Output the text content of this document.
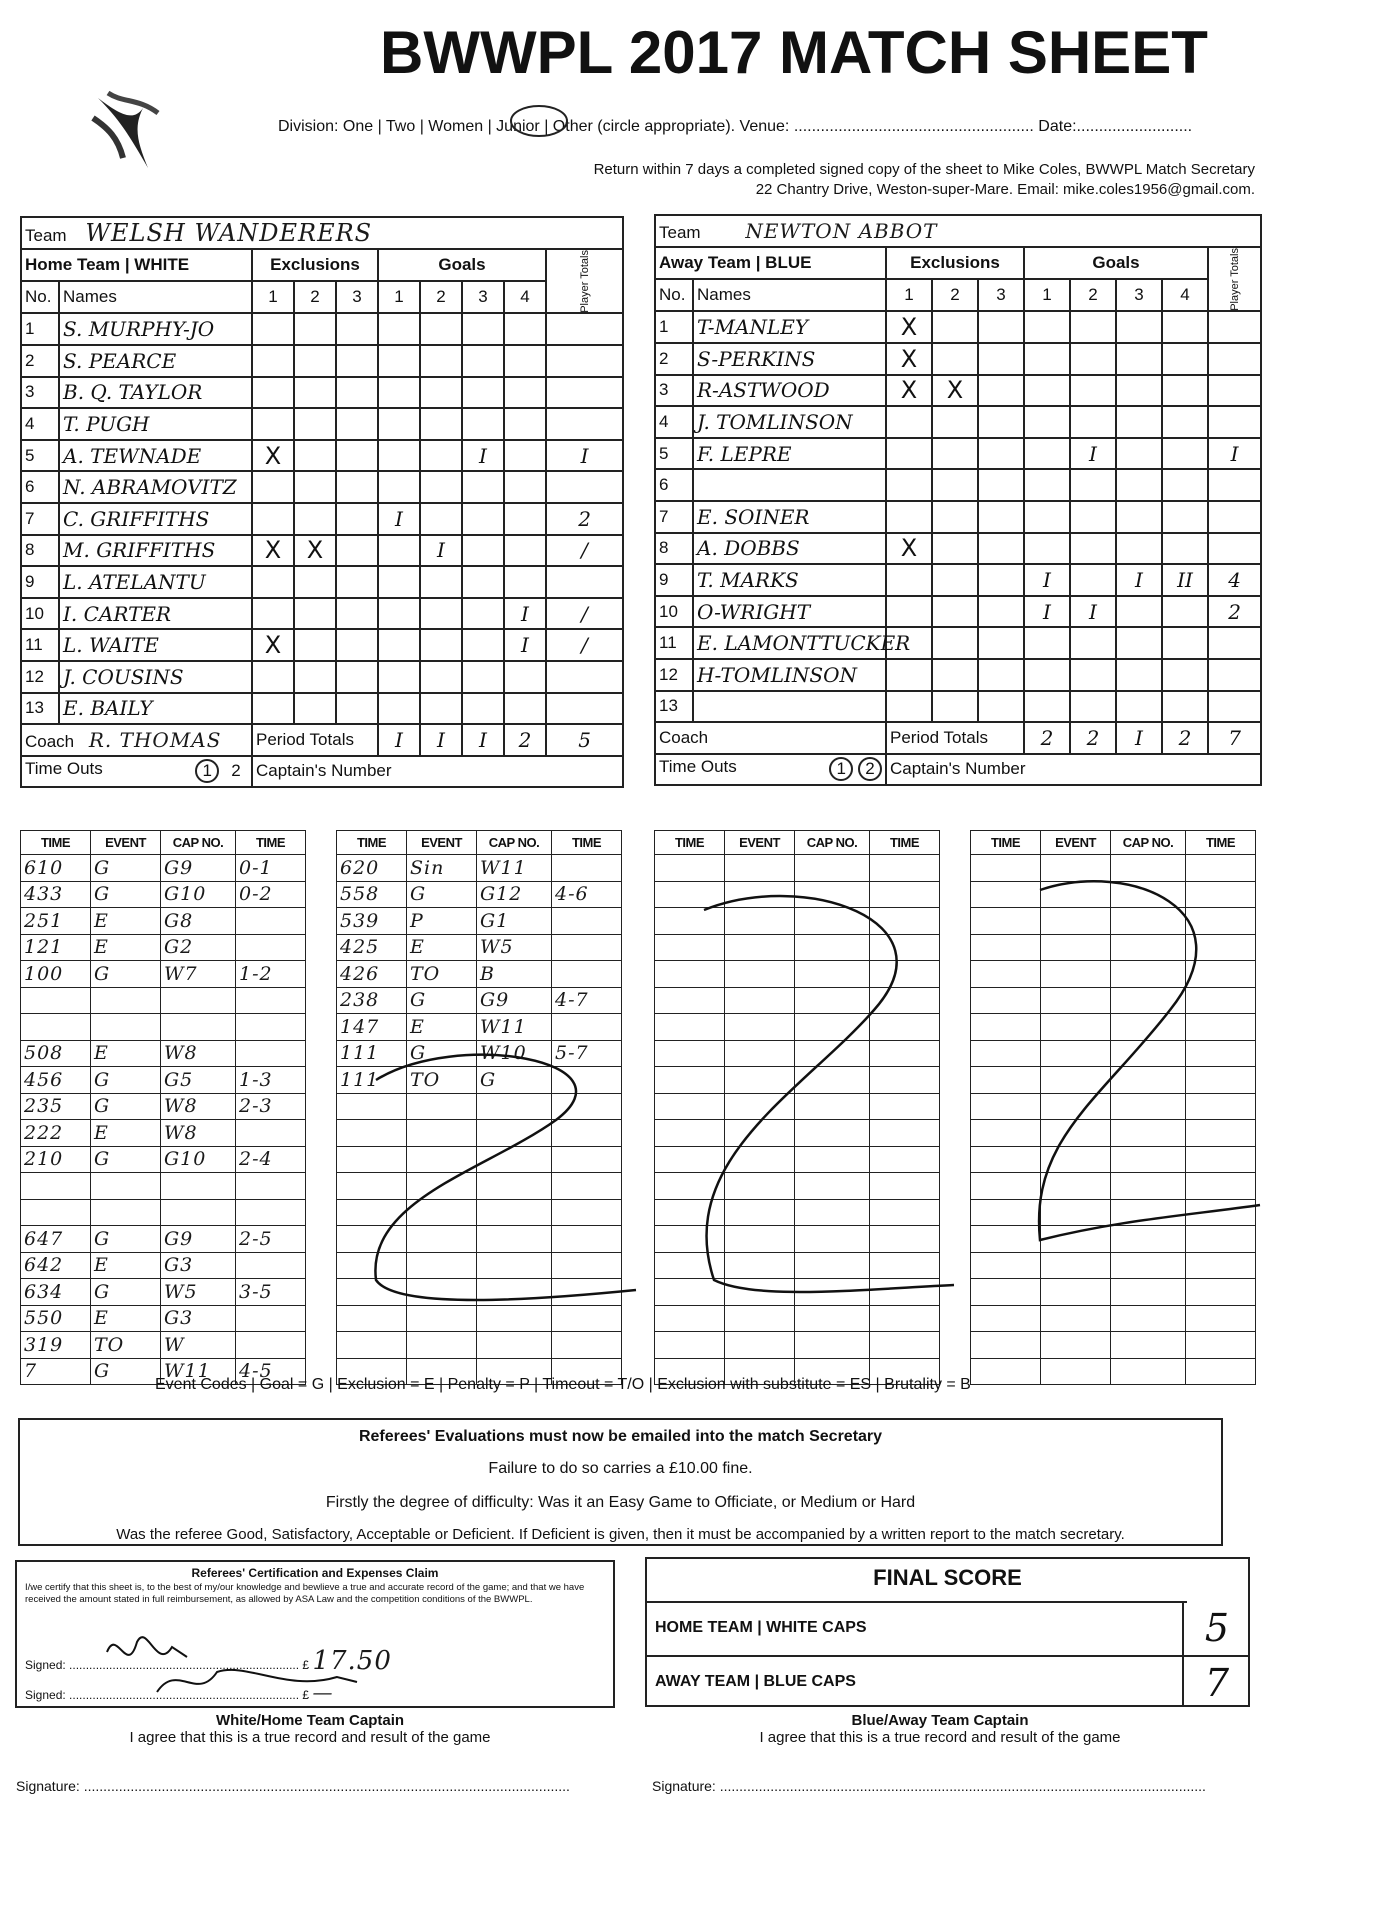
BWWPL 2017 MATCH SHEET
Division: One | Two | Women | Junior | Other (circle appropriate). Venue: ...................................................... Date:..........................
Return within 7 days a completed signed copy of the sheet to Mike Coles, BWWPL Match Secretary
22 Chantry Drive, Weston-super-Mare. Email: mike.coles1956@gmail.com.
Team WELSH WANDERERS									
Home Team | WHITE		Exclusions			Goals				Player Totals

No.	Names	1	2	3	1	2	3	4	
1	S. MURPHY-JO								
2	S. PEARCE								
3	B. Q. TAYLOR								
4	T. PUGH								
5	A. TEWNADE	X					I		I
6	N. ABRAMOVITZ								
7	C. GRIFFITHS				I				2
8	M. GRIFFITHS	X	X			I			/
9	L. ATELANTU								
10	I. CARTER							I	/
11	L. WAITE	X						I	/
12	J. COUSINS								
13	E. BAILY								
Coach R. THOMAS		Period Totals			I	I	I	2	5
Time Outs 1 2		Captain's Number							
Team NEWTON ABBOT									
Away Team | BLUE		Exclusions			Goals				Player Totals

No.	Names	1	2	3	1	2	3	4	
1	T-MANLEY	X							
2	S-PERKINS	X							
3	R-ASTWOOD	X	X						
4	J. TOMLINSON								
5	F. LEPRE					I			I
6									
7	E. SOINER								
8	A. DOBBS	X							
9	T. MARKS				I		I	II	4
10	O-WRIGHT				I	I			2
11	E. LAMONTTUCKER								
12	H-TOMLINSON								
13									
Coach		Period Totals			2	2	I	2	7
Time Outs 1 2		Captain's Number							
TIME	EVENT	CAP NO.	TIME
610	G	G9	0-1
433	G	G10	0-2
251	E	G8	
121	E	G2	
100	G	W7	1-2

508	E	W8	
456	G	G5	1-3
235	G	W8	2-3
222	E	W8	
210	G	G10	2-4

647	G	G9	2-5
642	E	G3	
634	G	W5	3-5
550	E	G3	
319	TO	W	
7	G	W11	4-5
TIME	EVENT	CAP NO.	TIME
620	Sin	W11	
558	G	G12	4-6
539	P	G1	
425	E	W5	
426	TO	B	
238	G	G9	4-7
147	E	W11	
111	G	W10	5-7
111	TO	G	

TIME	EVENT	CAP NO.	TIME

				TIME	EVENT	CAP NO.	TIME

Event Codes | Goal = G | Exclusion = E | Penalty = P | Timeout = T/O | Exclusion with substitute = ES | Brutality = B
Referees' Evaluations must now be emailed into the match Secretary
Failure to do so carries a £10.00 fine.
Firstly the degree of difficulty: Was it an Easy Game to Officiate, or Medium or Hard
Was the referee Good, Satisfactory, Acceptable or Deficient. If Deficient is given, then it must be accompanied by a written report to the match secretary.
Referees' Certification and Expenses Claim
I/we certify that this sheet is, to the best of my/our knowledge and bewlieve a true and accurate record of the game; and that we have received the amount stated in full reimbursement, as allowed by ASA Law and the competition conditions of the BWWPL.
Signed: ..................................................................... £ 17.50
Signed: ..................................................................... £ —
FINAL SCORE
HOME TEAM | WHITE CAPS
AWAY TEAM | BLUE CAPS
5
7
White/Home Team Captain
I agree that this is a true record and result of the game
Blue/Away Team Captain
I agree that this is a true record and result of the game
Signature: .............................................................................................................................	Signature: .............................................................................................................................
